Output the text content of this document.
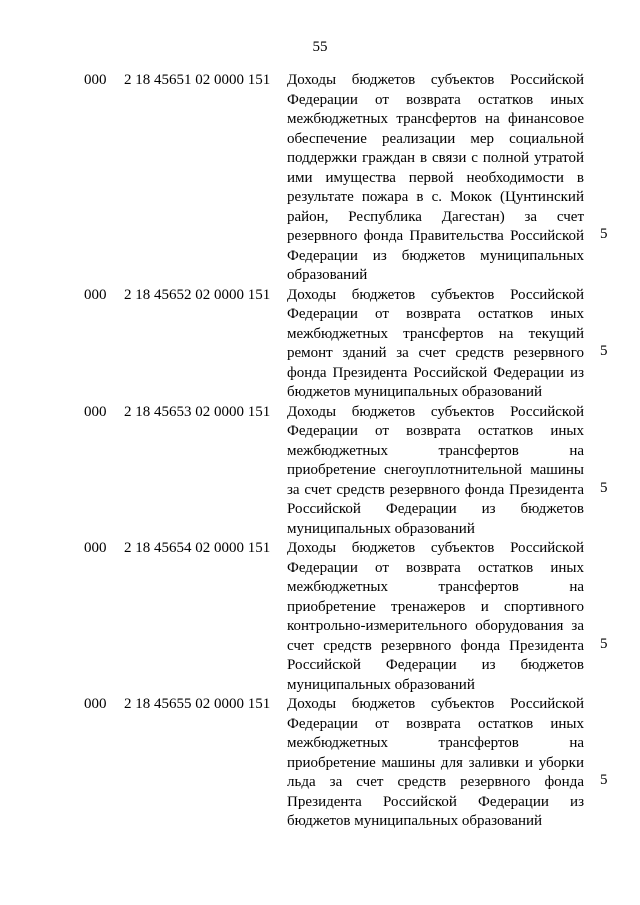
55
000	2 18 45651 02 0000 151	Доходы бюджетов субъектов Российской
Федерации от возврата остатков иных
межбюджетных трансфертов на финансовое
обеспечение реализации мер социальной
поддержки граждан в связи с полной утратой
ими имущества первой необходимости в
результате пожара в с. Мокок (Цунтинский
район, Республика Дагестан) за счет
резервного фонда Правительства Российской
Федерации из бюджетов муниципальных
образований
5
000	2 18 45652 02 0000 151	Доходы бюджетов субъектов Российской
Федерации от возврата остатков иных
межбюджетных трансфертов на текущий
ремонт зданий за счет средств резервного
фонда Президента Российской Федерации из
бюджетов муниципальных образований
5
000	2 18 45653 02 0000 151	Доходы бюджетов субъектов Российской
Федерации от возврата остатков иных
межбюджетных трансфертов на
приобретение снегоуплотнительной машины
за счет средств резервного фонда Президента
Российской Федерации из бюджетов
муниципальных образований
5
000	2 18 45654 02 0000 151	Доходы бюджетов субъектов Российской
Федерации от возврата остатков иных
межбюджетных трансфертов на
приобретение тренажеров и спортивного
контрольно-измерительного оборудования за
счет средств резервного фонда Президента
Российской Федерации из бюджетов
муниципальных образований
5
000	2 18 45655 02 0000 151	Доходы бюджетов субъектов Российской
Федерации от возврата остатков иных
межбюджетных трансфертов на
приобретение машины для заливки и уборки
льда за счет средств резервного фонда
Президента Российской Федерации из
бюджетов муниципальных образований
5
